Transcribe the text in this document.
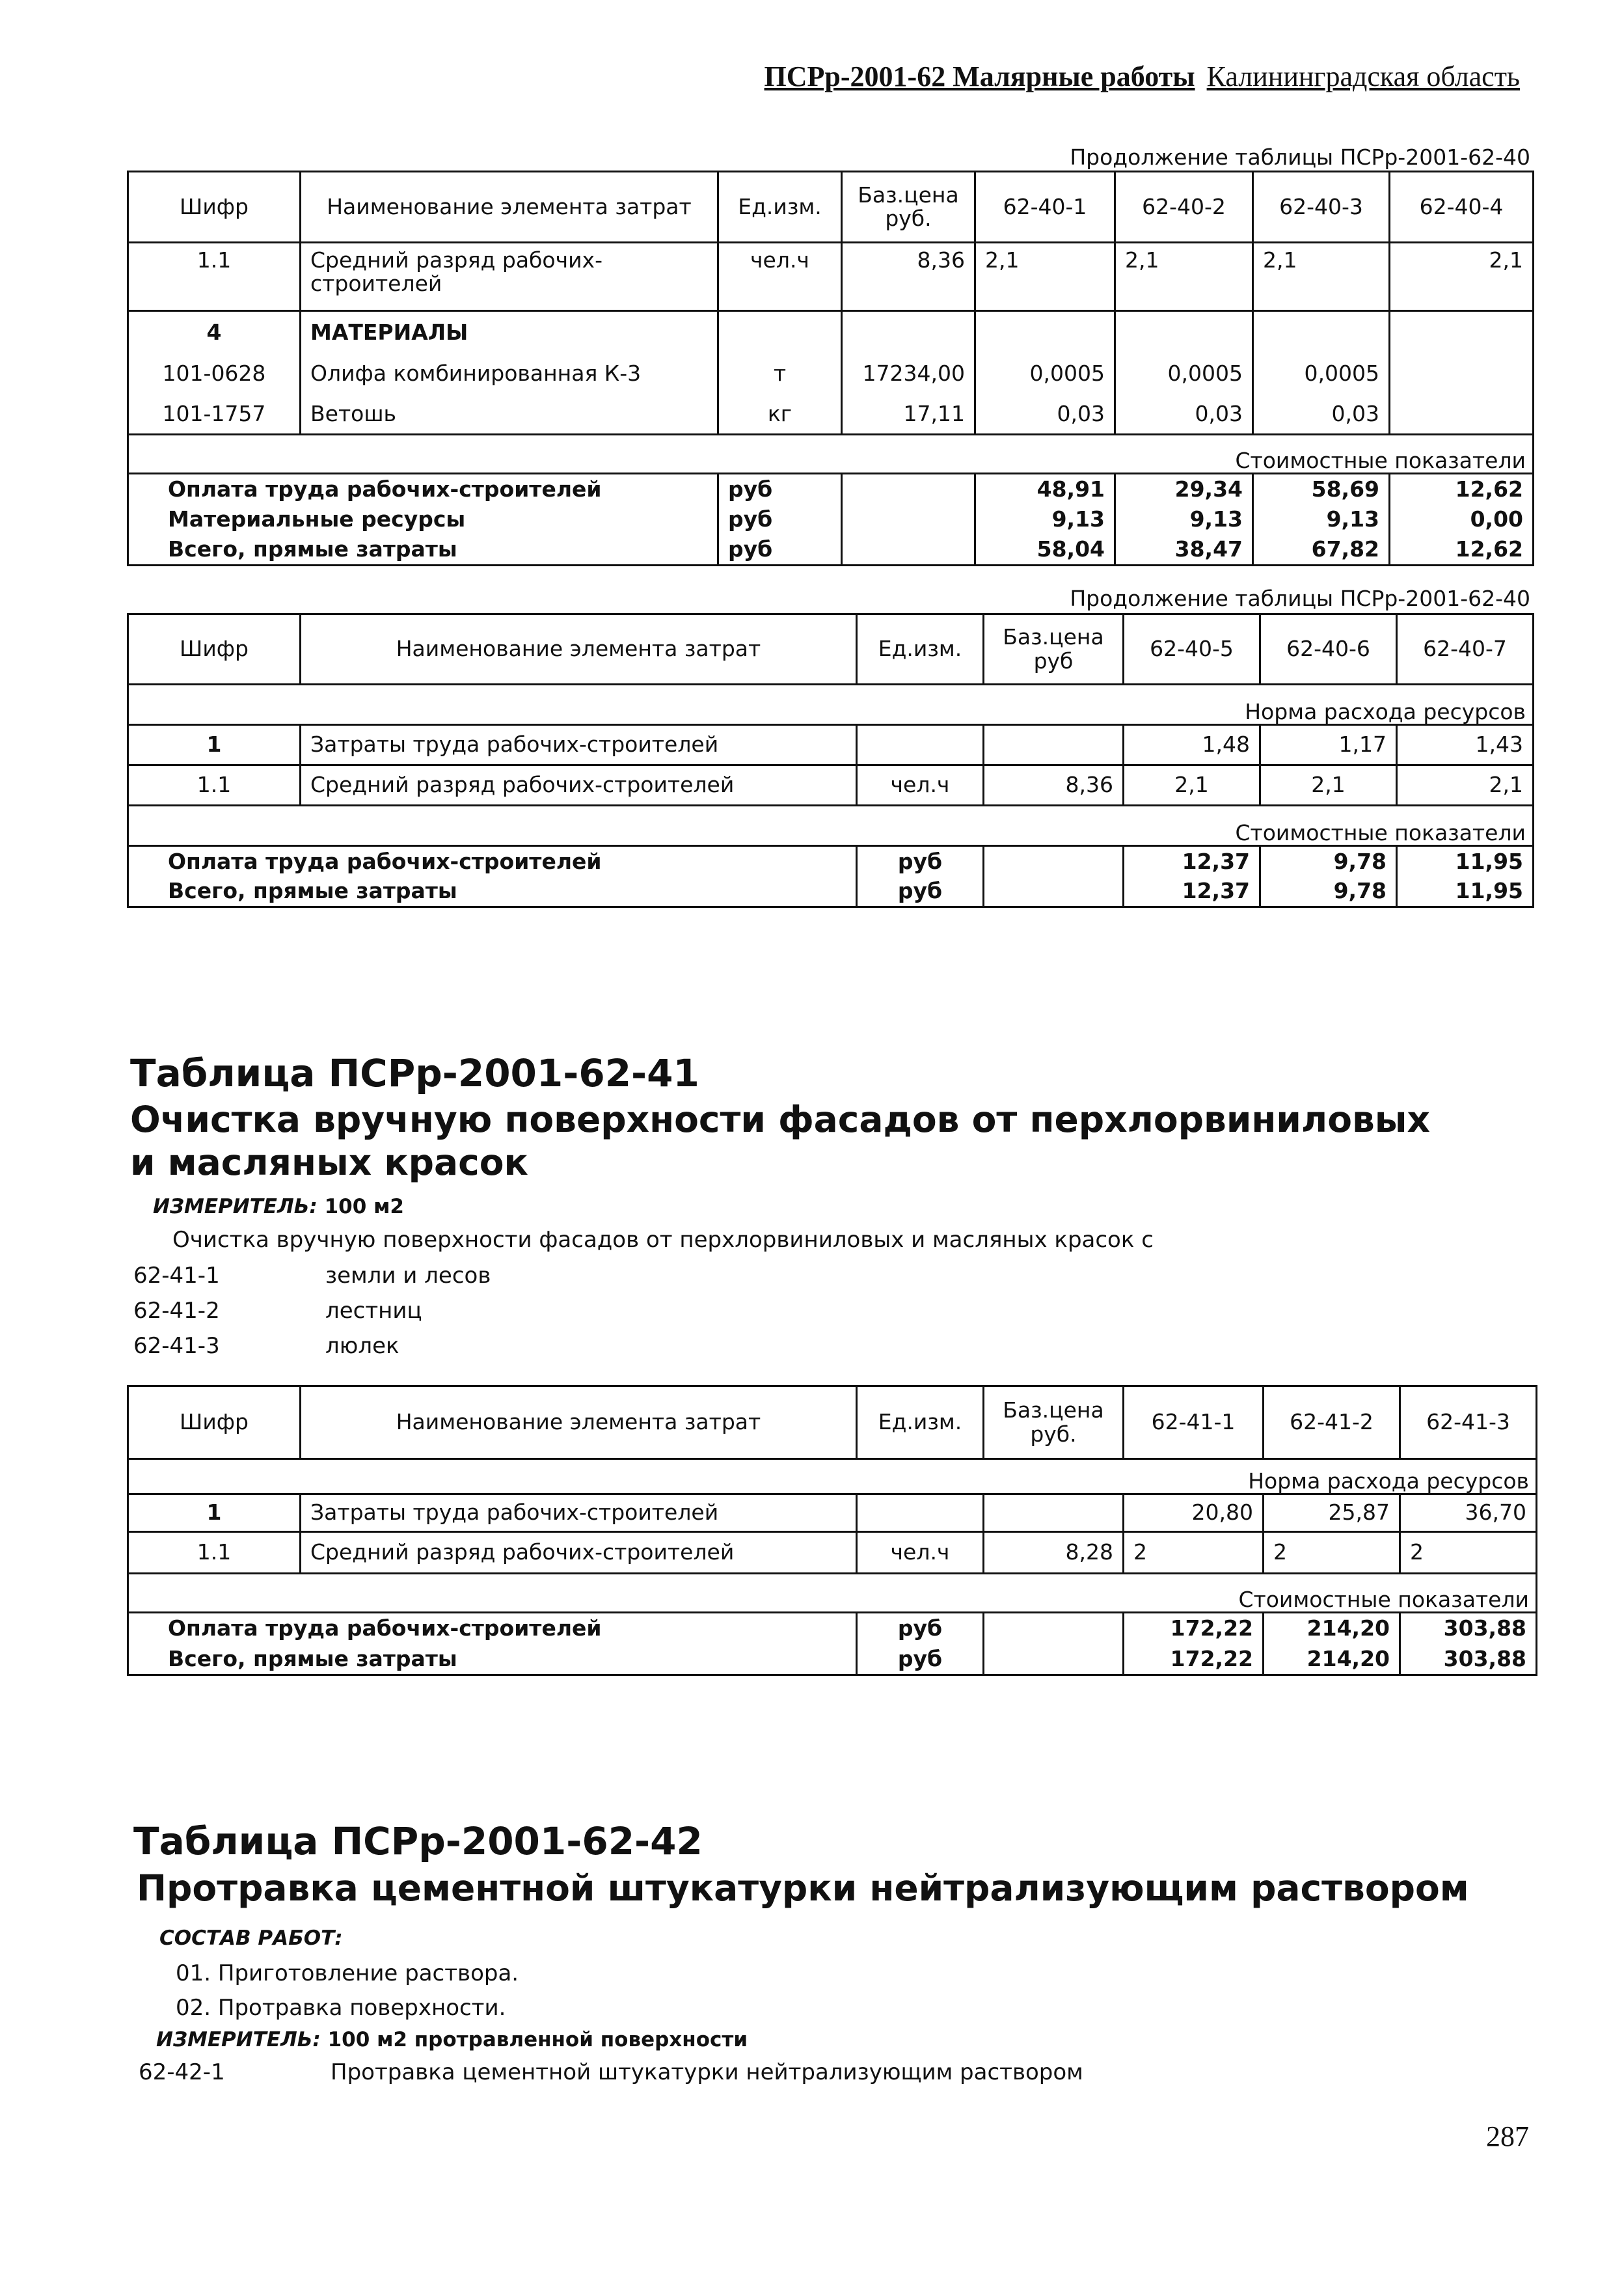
ПСРр-2001-62 Малярные работы Калининградская область
Продолжение таблицы ПСРр-2001-62-40
Шифр	Наименование элемента затрат	Ед.изм.	Баз.цена руб.	62-40-1	62-40-2	62-40-3	62-40-4
1.1	Средний разряд рабочих-строителей	чел.ч	8,36	2,1	2,1	2,1	2,1
4	МАТЕРИАЛЫ						
101-0628	Олифа комбинированная К-3	т	17234,00	0,0005	0,0005	0,0005	
101-1757	Ветошь	кг	17,11	0,03	0,03	0,03	
Стоимостные показатели							
Оплата труда рабочих-строителей		руб		48,91	29,34	58,69	12,62
Материальные ресурсы		руб		9,13	9,13	9,13	0,00
Всего, прямые затраты		руб		58,04	38,47	67,82	12,62
Продолжение таблицы ПСРр-2001-62-40
Шифр	Наименование элемента затрат	Ед.изм.	Баз.цена руб	62-40-5	62-40-6	62-40-7
Норма расхода ресурсов						
1	Затраты труда рабочих-строителей			1,48	1,17	1,43
1.1	Средний разряд рабочих-строителей	чел.ч	8,36	2,1	2,1	2,1
Стоимостные показатели						
Оплата труда рабочих-строителей		руб		12,37	9,78	11,95
Всего, прямые затраты		руб		12,37	9,78	11,95
Таблица ПСРр-2001-62-41
Очистка вручную поверхности фасадов от перхлорвиниловых и масляных красок
ИЗМЕРИТЕЛЬ: 100 м2
Очистка вручную поверхности фасадов от перхлорвиниловых и масляных красок с
62-41-1	земли и лесов
62-41-2	лестниц
62-41-3	люлек
Шифр	Наименование элемента затрат	Ед.изм.	Баз.цена руб.	62-41-1	62-41-2	62-41-3
Норма расхода ресурсов						
1	Затраты труда рабочих-строителей			20,80	25,87	36,70
1.1	Средний разряд рабочих-строителей	чел.ч	8,28	2	2	2
Стоимостные показатели						
Оплата труда рабочих-строителей		руб		172,22	214,20	303,88
Всего, прямые затраты		руб		172,22	214,20	303,88
Таблица ПСРр-2001-62-42
Протравка цементной штукатурки нейтрализующим раствором
СОСТАВ РАБОТ:
01. Приготовление раствора.
02. Протравка поверхности.
ИЗМЕРИТЕЛЬ: 100 м2 протравленной поверхности
62-42-1	Протравка цементной штукатурки нейтрализующим раствором
287
